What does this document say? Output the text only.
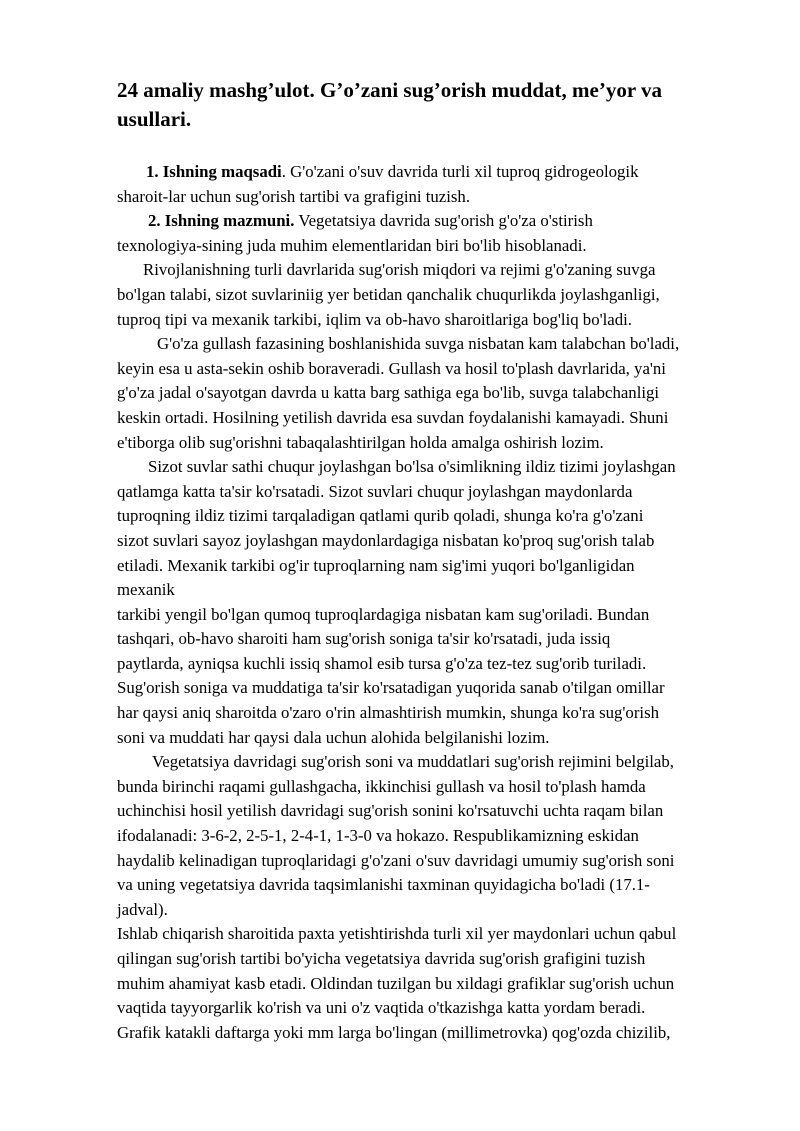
24 amaliy mashg’ulot. G’o’zani sug’orish muddat, me’yor va usullari.
1. Ishning maqsadi. G'o'zani o'suv davrida turli xil tuproq gidrogeologik
sharoit-lar uchun sug'orish tartibi va grafigini tuzish.
2. Ishning mazmuni. Vegetatsiya davrida sug'orish g'o'za o'stirish
texnologiya-sining juda muhim elementlaridan biri bo'lib hisoblanadi.
Rivojlanishning turli davrlarida sug'orish miqdori va rejimi g'o'zaning suvga
bo'lgan talabi, sizot suvlariniig yer betidan qanchalik chuqurlikda joylashganligi,
tuproq tipi va mexanik tarkibi, iqlim va ob-havo sharoitlariga bog'liq bo'ladi.
G'o'za gullash fazasining boshlanishida suvga nisbatan kam talabchan bo'ladi,
keyin esa u asta-sekin oshib boraveradi. Gullash va hosil to'plash davrlarida, ya'ni
g'o'za jadal o'sayotgan davrda u katta barg sathiga ega bo'lib, suvga talabchanligi
keskin ortadi. Hosilning yetilish davrida esa suvdan foydalanishi kamayadi. Shuni
e'tiborga olib sug'orishni tabaqalashtirilgan holda amalga oshirish lozim.
Sizot suvlar sathi chuqur joylashgan bo'lsa o'simlikning ildiz tizimi joylashgan
qatlamga katta ta'sir ko'rsatadi. Sizot suvlari chuqur joylashgan maydonlarda
tuproqning ildiz tizimi tarqaladigan qatlami qurib qoladi, shunga ko'ra g'o'zani
sizot suvlari sayoz joylashgan maydonlardagiga nisbatan ko'proq sug'orish talab
etiladi. Mexanik tarkibi og'ir tuproqlarning nam sig'imi yuqori bo'lganligidan
mexanik
tarkibi yengil bo'lgan qumoq tuproqlardagiga nisbatan kam sug'oriladi. Bundan
tashqari, ob-havo sharoiti ham sug'orish soniga ta'sir ko'rsatadi, juda issiq
paytlarda, ayniqsa kuchli issiq shamol esib tursa g'o'za tez-tez sug'orib turiladi.
Sug'orish soniga va muddatiga ta'sir ko'rsatadigan yuqorida sanab o'tilgan omillar
har qaysi aniq sharoitda o'zaro o'rin almashtirish mumkin, shunga ko'ra sug'orish
soni va muddati har qaysi dala uchun alohida belgilanishi lozim.
Vegetatsiya davridagi sug'orish soni va muddatlari sug'orish rejimini belgilab,
bunda birinchi raqami gullashgacha, ikkinchisi gullash va hosil to'plash hamda
uchinchisi hosil yetilish davridagi sug'orish sonini ko'rsatuvchi uchta raqam bilan
ifodalanadi: 3-6-2, 2-5-1, 2-4-1, 1-3-0 va hokazo. Respublikamizning eskidan
haydalib kelinadigan tuproqlaridagi g'o'zani o'suv davridagi umumiy sug'orish soni
va uning vegetatsiya davrida taqsimlanishi taxminan quyidagicha bo'ladi (17.1-
jadval).
Ishlab chiqarish sharoitida paxta yetishtirishda turli xil yer maydonlari uchun qabul
qilingan sug'orish tartibi bo'yicha vegetatsiya davrida sug'orish grafigini tuzish
muhim ahamiyat kasb etadi. Oldindan tuzilgan bu xildagi grafiklar sug'orish uchun
vaqtida tayyorgarlik ko'rish va uni o'z vaqtida o'tkazishga katta yordam beradi.
Grafik katakli daftarga yoki mm larga bo'lingan (millimetrovka) qog'ozda chizilib,
